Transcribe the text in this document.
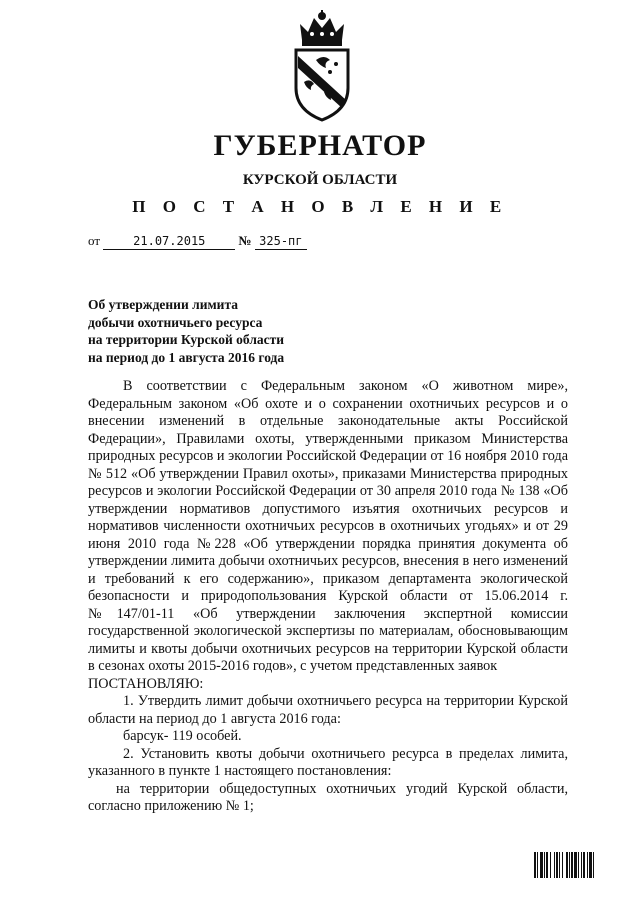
ГУБЕРНАТОР
КУРСКОЙ ОБЛАСТИ
П О С Т А Н О В Л Е Н И Е
от	21.07.2015	№ 325-пг
Об утверждении лимита
добычи охотничьего ресурса
на территории Курской области
на период до 1 августа 2016 года

В соответствии с Федеральным законом «О животном мире», Федеральным законом «Об охоте и о сохранении охотничьих ресурсов и о внесении изменений в отдельные законодательные акты Российской Федерации», Правилами охоты, утвержденными приказом Министерства природных ресурсов и экологии Российской Федерации от 16 ноября 2010 года № 512 «Об утверждении Правил охоты», приказами Министерства природных ресурсов и экологии Российской Федерации от 30 апреля 2010 года № 138 «Об утверждении нормативов допустимого изъятия охотничьих ресурсов и нормативов численности охотничьих ресурсов в охотничьих угодьях» и от 29 июня 2010 года №228 «Об утверждении порядка принятия документа об утверждении лимита добычи охотничьих ресурсов, внесения в него изменений и требований к его содержанию», приказом департамента экологической безопасности и природопользования Курской области от 15.06.2014 г. №147/01-11 «Об утверждении заключения экспертной комиссии государственной экологической экспертизы по материалам, обосновывающим лимиты и квоты добычи охотничьих ресурсов на территории Курской области в сезонах охоты 2015-2016 годов», с учетом представленных заявок

ПОСТАНОВЛЯЮ:

1. Утвердить лимит добычи охотничьего ресурса на территории Курской области на период до 1 августа 2016 года:

барсук- 119 особей.

2. Установить квоты добычи охотничьего ресурса в пределах лимита, указанного в пункте 1 настоящего постановления:

на территории общедоступных охотничьих угодий Курской области, согласно приложению № 1;
